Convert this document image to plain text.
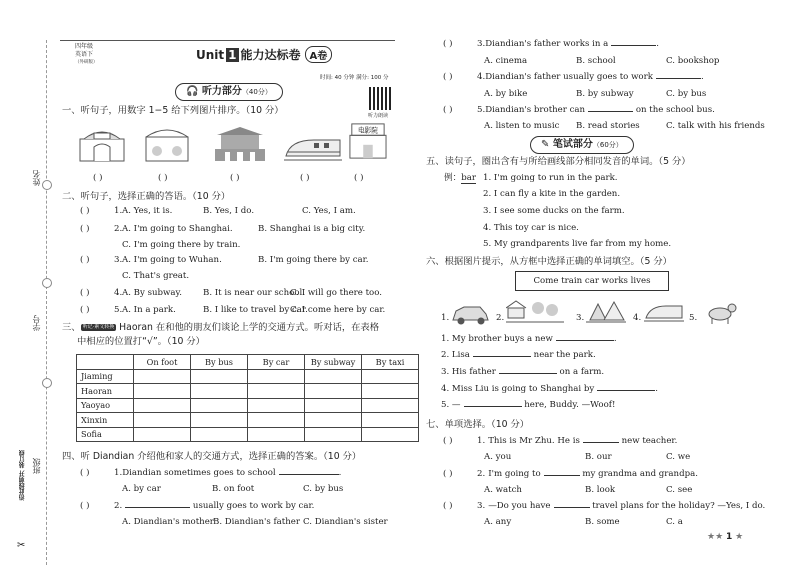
姓名
学号
班级
沿此线剪开 装订线
✂
四年级
英语下
（外研版）
Unit 1 能力达标卷 A卷
时间: 40 分钟 满分: 100 分
🎧 听力部分（40分）
听力朗读
一、听句子，用数字 1−5 给下列图片排序。（10 分）
电影院
( )	( )	( )	( )	( )
二、听句子，选择正确的答语。（10 分）
( )	1. A. Yes, it is.	B. Yes, I do.	C. Yes, I am.
( )	2. A. I'm going to Shanghai.	B. Shanghai is a big city.
C. I'm going there by train.
( )	3. A. I'm going to Wuhan.	B. I'm going there by car.
C. That's great.
( )	4. A. By subway. B. It is near our school.
C. I will go there too.
( )	5. A. In a park.	B. I like to travel by car.
C. I come here by car.
三、 听记·素文转换 Haoran 在和他的朋友们谈论上学的交通方式。听对话，在表格
中相应的位置打“√”。（10 分）
	On foot	By bus	By car	By subway	By taxi
Jiaming					
Haoran					
Yaoyao					
Xinxin					
Sofia					
四、听 Diandian 介绍他和家人的交通方式，选择正确的答案。（10 分）
( )	1.Diandian sometimes goes to school	.
A. by car	B. on foot	C. by bus
( )	2.	usually goes to work by car.
A. Diandian's mother B. Diandian's father C. Diandian's sister
✎ 笔试部分（60分）
五、读句子，圈出含有与所给画线部分相同发音的单词。（5 分）
例：bar 1. I'm going to run in the park.
2. I can fly a kite in the garden.
3. I see some ducks on the farm.
4. This toy car is nice.
5. My grandparents live far from my home.
六、根据图片提示，从方框中选择正确的单词填空。（5 分）
Come train car works lives
1.	2.	3.	4.	5.
1. My brother buys a new	.
2. Lisa	near the park.
3. His father	on a farm.
4. Miss Liu is going to Shanghai by	.
5. —	here, Buddy. —Woof!
七、单项选择。（10 分）
( )	1. This is Mr Zhu. He is	new teacher.
A. you	B. our	C. we
( )	2. I'm going to	my grandma and grandpa.
A. watch	B. look	C. see
( )	3. —Do you have	travel plans for the holiday? —Yes, I do.
A. any	B. some	C. a
( )	3.Diandian's father works in a	.
A. cinema	B. school	C. bookshop
( )	4.Diandian's father usually goes to work	.
A. by bike	B. by subway	C. by bus
( )	5.Diandian's brother can	on the school bus.
A. listen to music B. read stories	C. talk with his friends
★★ 1 ★
